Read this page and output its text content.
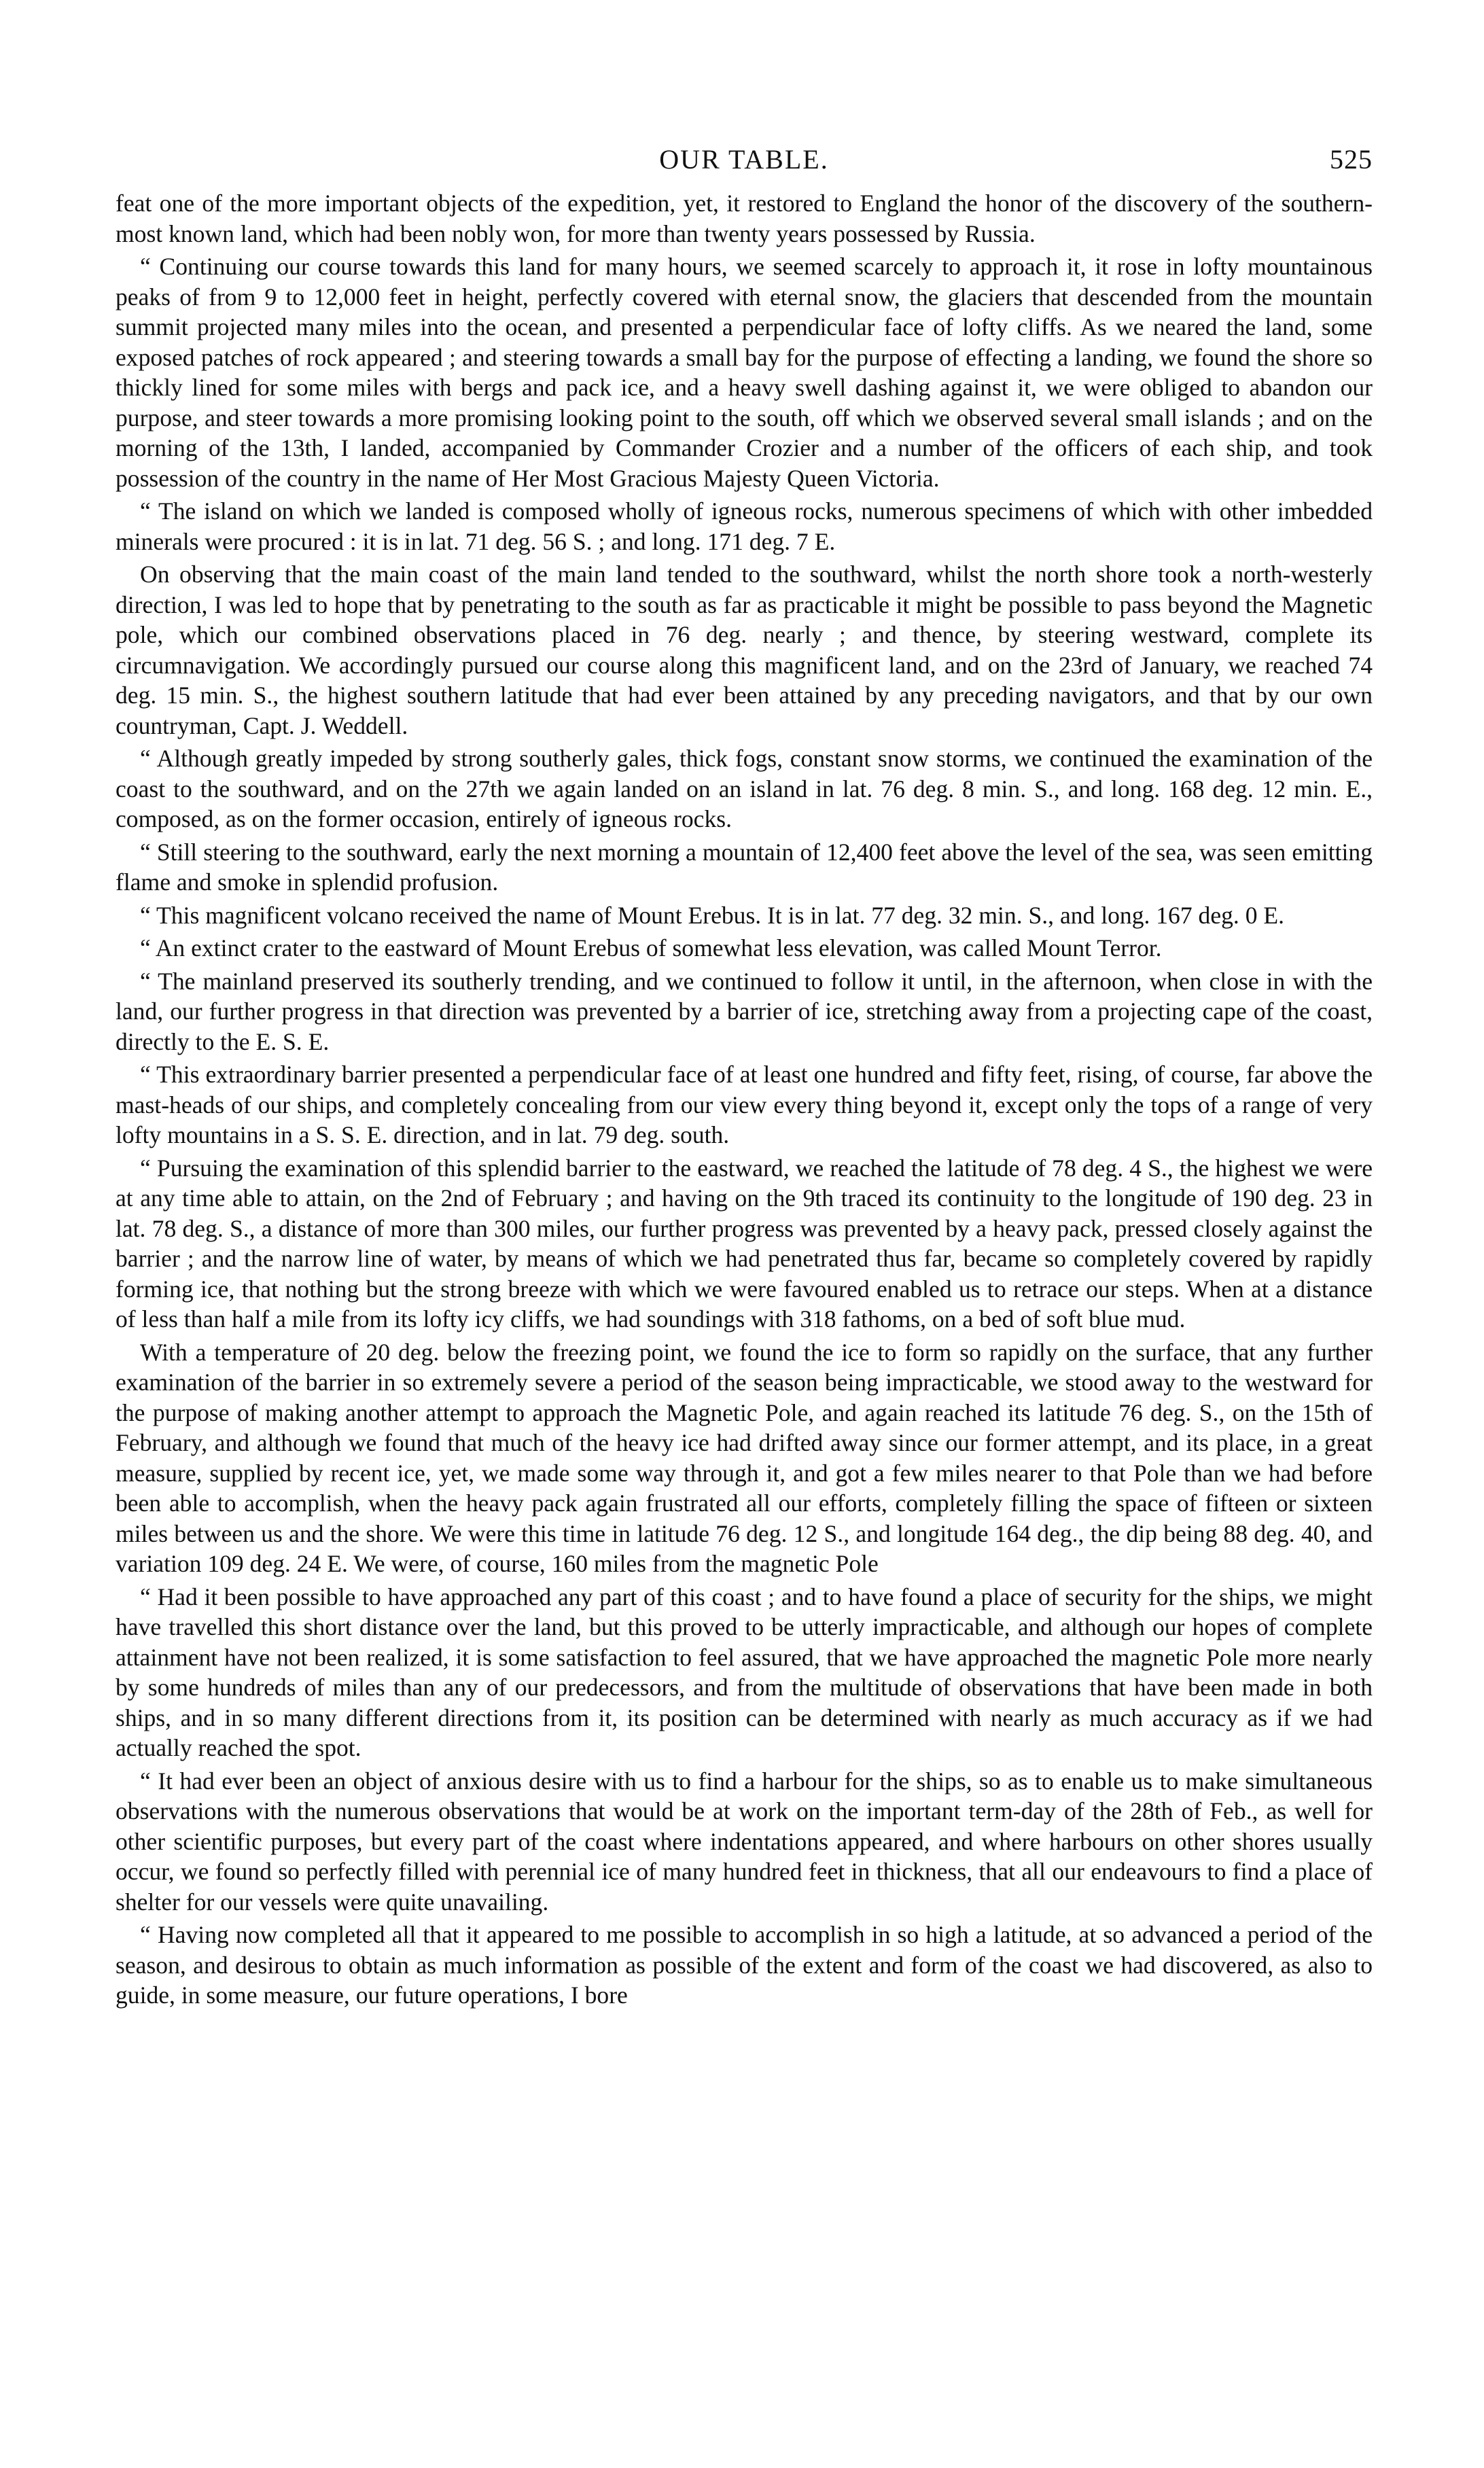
OUR TABLE.	525

feat one of the more important objects of the expedition, yet, it restored to England the honor of the discovery of the southern-most known land, which had been nobly won, for more than twenty years possessed by Russia.

“ Continuing our course towards this land for many hours, we seemed scarcely to approach it, it rose in lofty mountainous peaks of from 9 to 12,000 feet in height, perfectly covered with eternal snow, the glaciers that descended from the mountain summit projected many miles into the ocean, and presented a perpendicular face of lofty cliffs. As we neared the land, some exposed patches of rock appeared ; and steering towards a small bay for the purpose of effecting a landing, we found the shore so thickly lined for some miles with bergs and pack ice, and a heavy swell dashing against it, we were obliged to abandon our purpose, and steer towards a more promising looking point to the south, off which we observed several small islands ; and on the morning of the 13th, I landed, accompanied by Commander Crozier and a number of the officers of each ship, and took possession of the country in the name of Her Most Gracious Majesty Queen Victoria.

“ The island on which we landed is composed wholly of igneous rocks, numerous specimens of which with other imbedded minerals were procured : it is in lat. 71 deg. 56 S. ; and long. 171 deg. 7 E.

On observing that the main coast of the main land tended to the southward, whilst the north shore took a north-westerly direction, I was led to hope that by penetrating to the south as far as practicable it might be possible to pass beyond the Magnetic pole, which our combined observations placed in 76 deg. nearly ; and thence, by steering westward, complete its circumnavigation. We accordingly pursued our course along this magnificent land, and on the 23rd of January, we reached 74 deg. 15 min. S., the highest southern latitude that had ever been attained by any preceding navigators, and that by our own countryman, Capt. J. Weddell.

“ Although greatly impeded by strong southerly gales, thick fogs, constant snow storms, we continued the examination of the coast to the southward, and on the 27th we again landed on an island in lat. 76 deg. 8 min. S., and long. 168 deg. 12 min. E., composed, as on the former occasion, entirely of igneous rocks.

“ Still steering to the southward, early the next morning a mountain of 12,400 feet above the level of the sea, was seen emitting flame and smoke in splendid profusion.

“ This magnificent volcano received the name of Mount Erebus. It is in lat. 77 deg. 32 min. S., and long. 167 deg. 0 E.

“ An extinct crater to the eastward of Mount Erebus of somewhat less elevation, was called Mount Terror.

“ The mainland preserved its southerly trending, and we continued to follow it until, in the afternoon, when close in with the land, our further progress in that direction was prevented by a barrier of ice, stretching away from a projecting cape of the coast, directly to the E. S. E.

“ This extraordinary barrier presented a perpendicular face of at least one hundred and fifty feet, rising, of course, far above the mast-heads of our ships, and completely concealing from our view every thing beyond it, except only the tops of a range of very lofty mountains in a S. S. E. direction, and in lat. 79 deg. south.

“ Pursuing the examination of this splendid barrier to the eastward, we reached the latitude of 78 deg. 4 S., the highest we were at any time able to attain, on the 2nd of February ; and having on the 9th traced its continuity to the longitude of 190 deg. 23 in lat. 78 deg. S., a distance of more than 300 miles, our further progress was prevented by a heavy pack, pressed closely against the barrier ; and the narrow line of water, by means of which we had penetrated thus far, became so completely covered by rapidly forming ice, that nothing but the strong breeze with which we were favoured enabled us to retrace our steps. When at a distance of less than half a mile from its lofty icy cliffs, we had soundings with 318 fathoms, on a bed of soft blue mud.

With a temperature of 20 deg. below the freezing point, we found the ice to form so rapidly on the surface, that any further examination of the barrier in so extremely severe a period of the season being impracticable, we stood away to the westward for the purpose of making another attempt to approach the Magnetic Pole, and again reached its latitude 76 deg. S., on the 15th of February, and although we found that much of the heavy ice had drifted away since our former attempt, and its place, in a great measure, supplied by recent ice, yet, we made some way through it, and got a few miles nearer to that Pole than we had before been able to accomplish, when the heavy pack again frustrated all our efforts, completely filling the space of fifteen or sixteen miles between us and the shore. We were this time in latitude 76 deg. 12 S., and longitude 164 deg., the dip being 88 deg. 40, and variation 109 deg. 24 E. We were, of course, 160 miles from the magnetic Pole

“ Had it been possible to have approached any part of this coast ; and to have found a place of security for the ships, we might have travelled this short distance over the land, but this proved to be utterly impracticable, and although our hopes of complete attainment have not been realized, it is some satisfaction to feel assured, that we have approached the magnetic Pole more nearly by some hundreds of miles than any of our predecessors, and from the multitude of observations that have been made in both ships, and in so many different directions from it, its position can be determined with nearly as much accuracy as if we had actually reached the spot.

“ It had ever been an object of anxious desire with us to find a harbour for the ships, so as to enable us to make simultaneous observations with the numerous observations that would be at work on the important term-day of the 28th of Feb., as well for other scientific purposes, but every part of the coast where indentations appeared, and where harbours on other shores usually occur, we found so perfectly filled with perennial ice of many hundred feet in thickness, that all our endeavours to find a place of shelter for our vessels were quite unavailing.

“ Having now completed all that it appeared to me possible to accomplish in so high a latitude, at so advanced a period of the season, and desirous to obtain as much information as possible of the extent and form of the coast we had discovered, as also to guide, in some measure, our future operations, I bore
